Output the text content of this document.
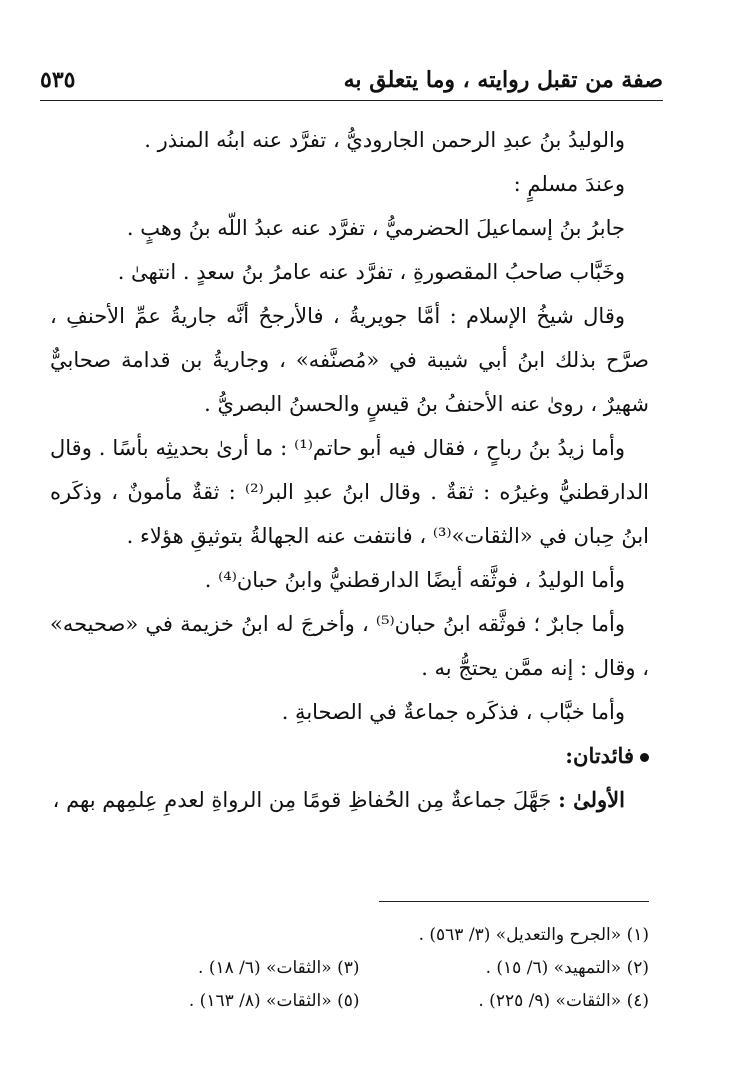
صفة من تقبل روايته ، وما يتعلق به
٥٣٥

والوليدُ بنُ عبدِ الرحمن الجاروديُّ ، تفرَّد عنه ابنُه المنذر .

وعندَ مسلمٍ :

جابرُ بنُ إسماعيلَ الحضرميُّ ، تفرَّد عنه عبدُ اللّه بنُ وهبٍ .

وخَبَّاب صاحبُ المقصورةِ ، تفرَّد عنه عامرُ بنُ سعدٍ . انتهىٰ .

وقال شيخُ الإسلام : أمَّا جويريةُ ، فالأرجحُ أنَّه جاريةُ عمِّ الأحنفِ ، صرَّح بذلك ابنُ أبي شيبة في «مُصنَّفه» ، وجاريةُ بن قدامة صحابيٌّ شهيرٌ ، روىٰ عنه الأحنفُ بنُ قيسٍ والحسنُ البصريُّ .

وأما زيدُ بنُ رباحٍ ، فقال فيه أبو حاتم⁽¹⁾ : ما أرىٰ بحديثِه بأسًا . وقال الدارقطنيُّ وغيرُه : ثقةٌ . وقال ابنُ عبدِ البر⁽²⁾ : ثقةٌ مأمونٌ ، وذكَره ابنُ حِبان في «الثقات»⁽³⁾ ، فانتفت عنه الجهالةُ بتوثيقِ هؤلاء .

وأما الوليدُ ، فوثَّقه أيضًا الدارقطنيُّ وابنُ حبان⁽⁴⁾ .

وأما جابرٌ ؛ فوثَّقه ابنُ حبان⁽⁵⁾ ، وأخرجَ له ابنُ خزيمة في «صحيحه» ، وقال : إنه ممَّن يحتجُّ به .

وأما خبَّاب ، فذكَره جماعةٌ في الصحابةِ .

فائدتان:

الأولىٰ : جَهَّلَ جماعةٌ مِن الحُفاظِ قومًا مِن الرواةِ لعدمِ عِلمِهم بهم ،

(١) «الجرح والتعديل» (٣/ ٥٦٣) .
(٢) «التمهيد» (٦/ ١٥) .
(٣) «الثقات» (٦/ ١٨) .
(٤) «الثقات» (٩/ ٢٢٥) .
(٥) «الثقات» (٨/ ١٦٣) .
